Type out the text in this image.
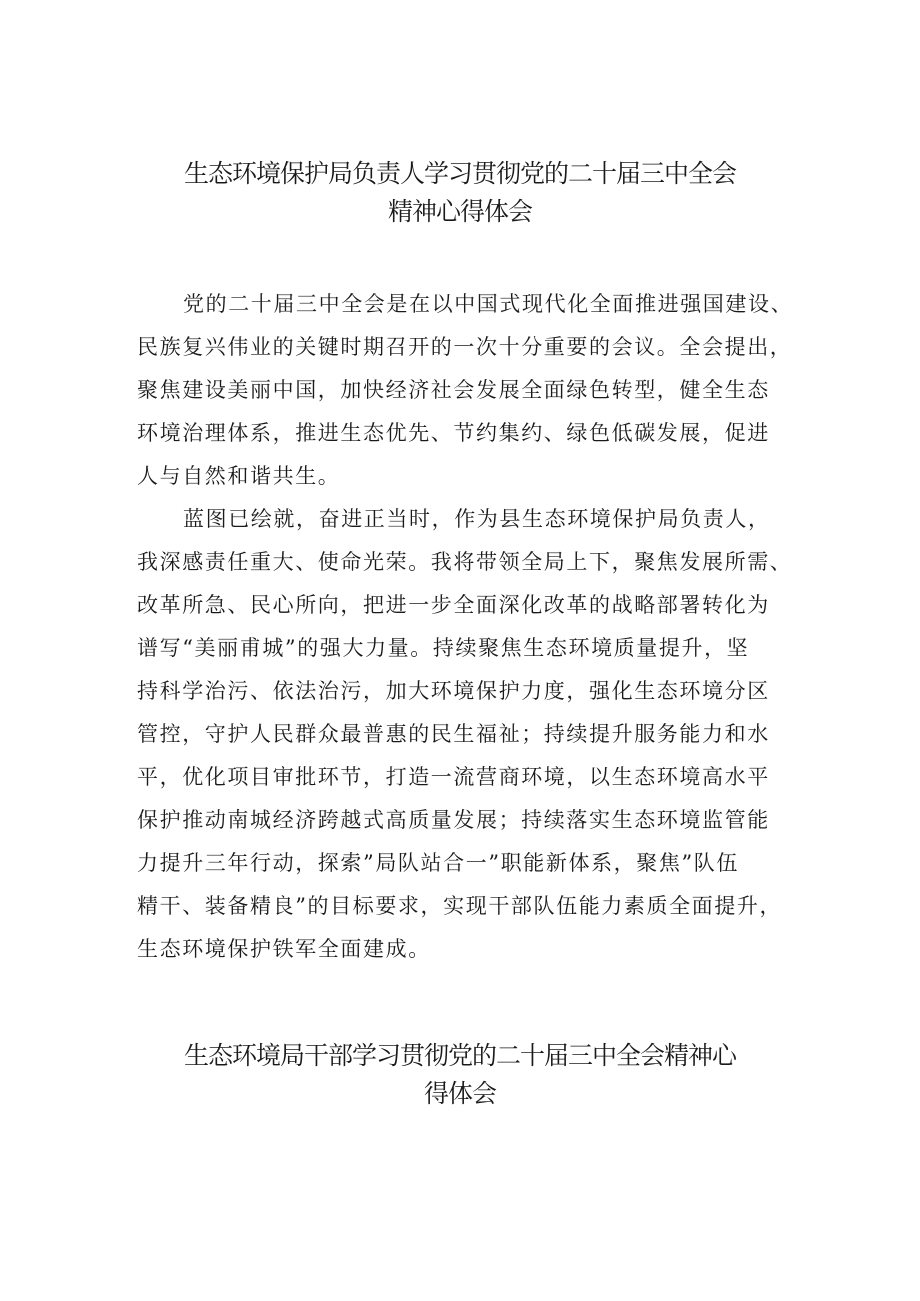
生态环境保护局负责人学习贯彻党的二十届三中全会
精神心得体会

党的二十届三中全会是在以中国式现代化全面推进强国建设、
民族复兴伟业的关键时期召开的一次十分重要的会议。全会提出，
聚焦建设美丽中国，加快经济社会发展全面绿色转型，健全生态
环境治理体系，推进生态优先、节约集约、绿色低碳发展，促进
人与自然和谐共生。

蓝图已绘就，奋进正当时，作为县生态环境保护局负责人，
我深感责任重大、使命光荣。我将带领全局上下，聚焦发展所需、
改革所急、民心所向，把进一步全面深化改革的战略部署转化为
谱写“美丽甫城”的强大力量。持续聚焦生态环境质量提升，坚
持科学治污、依法治污，加大环境保护力度，强化生态环境分区
管控，守护人民群众最普惠的民生福祉；持续提升服务能力和水
平，优化项目审批环节，打造一流营商环境，以生态环境高水平
保护推动南城经济跨越式高质量发展；持续落实生态环境监管能
力提升三年行动，探索”局队站合一”职能新体系，聚焦”队伍
精干、装备精良”的目标要求，实现干部队伍能力素质全面提升，
生态环境保护铁军全面建成。

生态环境局干部学习贯彻党的二十届三中全会精神心
得体会
